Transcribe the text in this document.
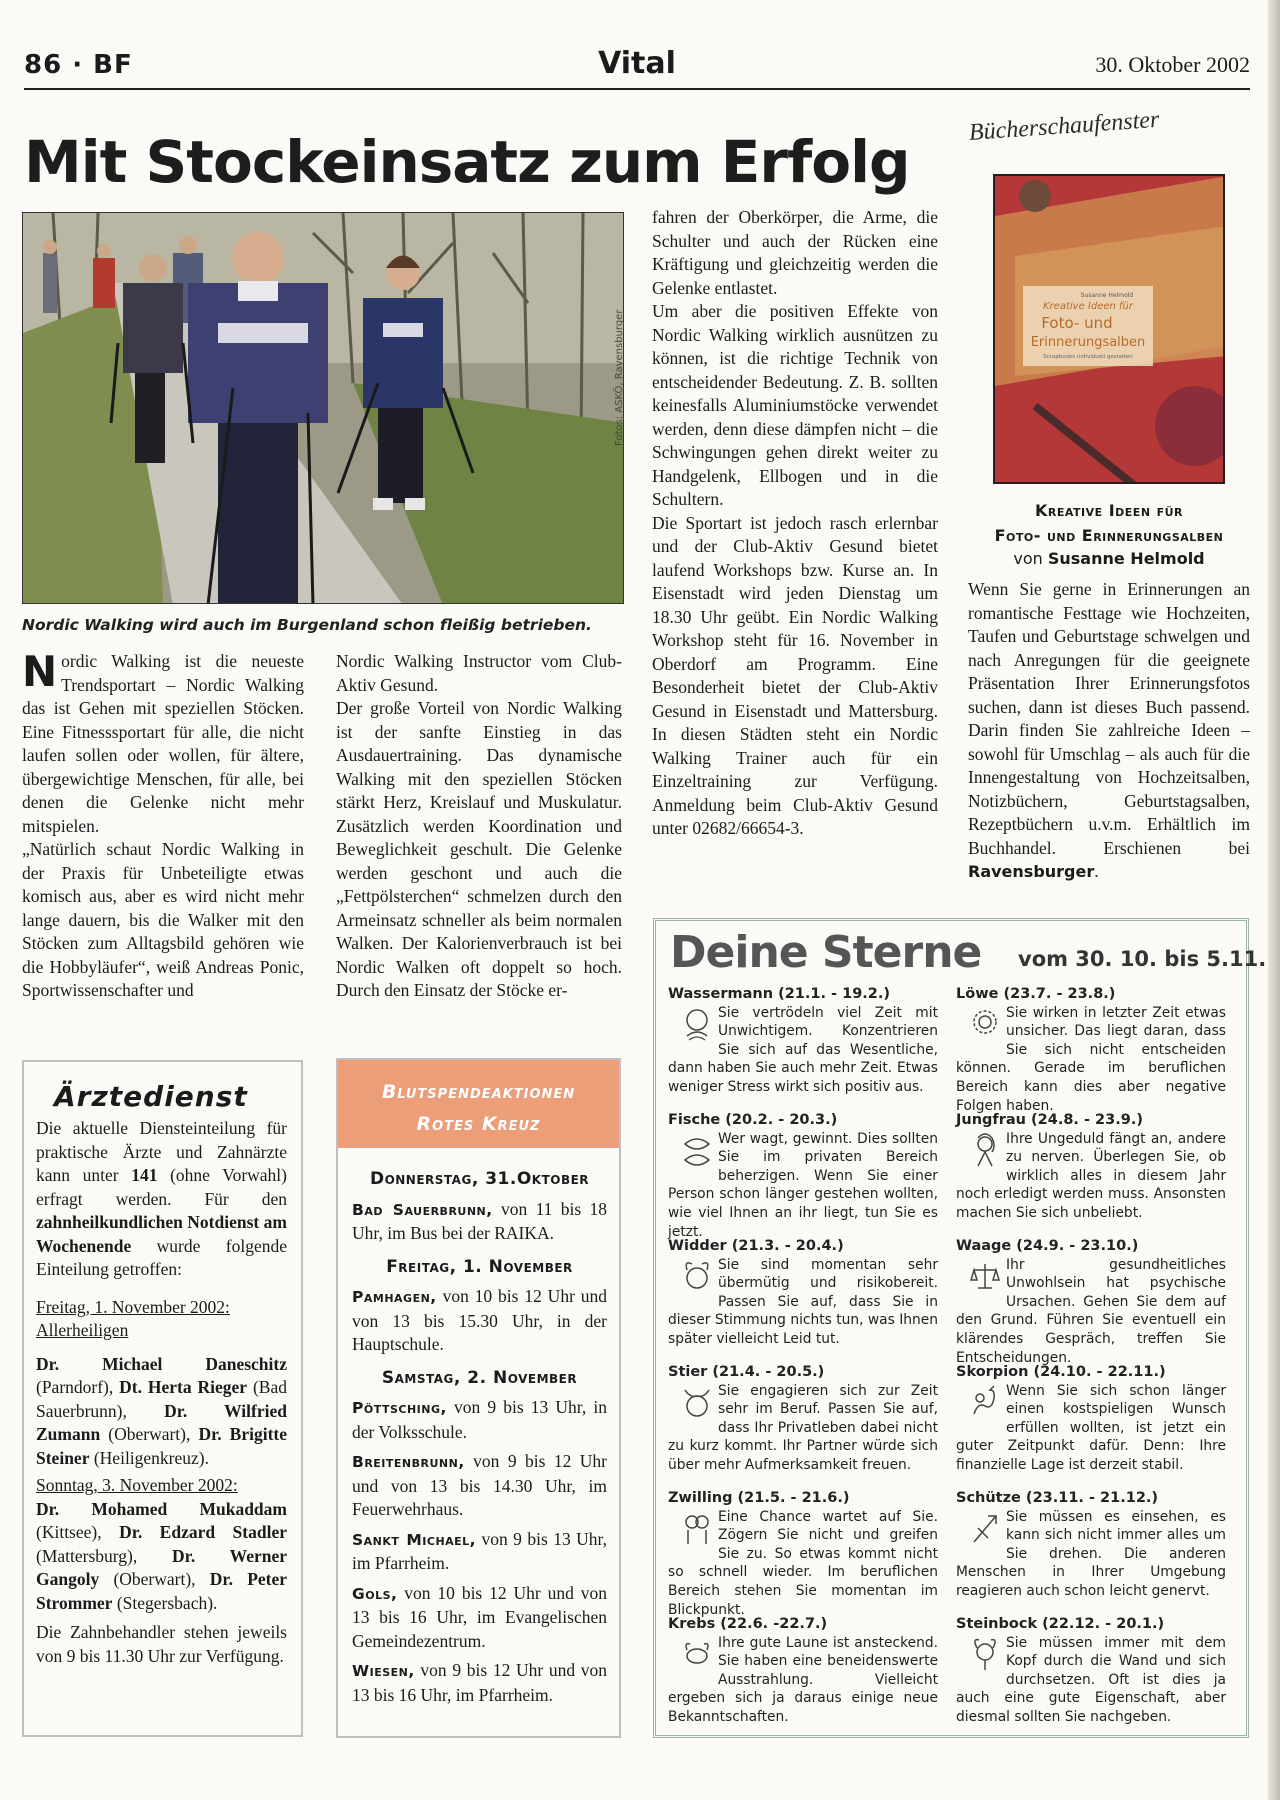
86 · BF	Vital	30. Oktober 2002
Mit Stockeinsatz zum Erfolg
Fotos: ASKÖ, Ravensburger
Nordic Walking wird auch im Burgenland schon fleißig betrieben.

Nordic Walking ist die neueste Trendsportart – Nordic Walking das ist Gehen mit speziellen Stöcken. Eine Fitnesssportart für alle, die nicht laufen sollen oder wollen, für ältere, übergewichtige Menschen, für alle, bei denen die Gelenke nicht mehr mitspielen.

„Natürlich schaut Nordic Walking in der Praxis für Unbeteiligte etwas komisch aus, aber es wird nicht mehr lange dauern, bis die Walker mit den Stöcken zum Alltagsbild gehören wie die Hobbyläufer“, weiß Andreas Ponic, Sportwissenschafter und

Nordic Walking Instructor vom Club-Aktiv Gesund.

Der große Vorteil von Nordic Walking ist der sanfte Einstieg in das Ausdauertraining. Das dynamische Walking mit den speziellen Stöcken stärkt Herz, Kreislauf und Muskulatur. Zusätzlich werden Koordination und Beweglichkeit geschult. Die Gelenke werden geschont und auch die „Fettpölsterchen“ schmelzen durch den Armeinsatz schneller als beim normalen Walken. Der Kalorienverbrauch ist bei Nordic Walken oft doppelt so hoch. Durch den Einsatz der Stöcke er-

fahren der Oberkörper, die Arme, die Schulter und auch der Rücken eine Kräftigung und gleichzeitig werden die Gelenke entlastet.

Um aber die positiven Effekte von Nordic Walking wirklich ausnützen zu können, ist die richtige Technik von entscheidender Bedeutung. Z. B. sollten keinesfalls Aluminiumstöcke verwendet werden, denn diese dämpfen nicht – die Schwingungen gehen direkt weiter zu Handgelenk, Ellbogen und in die Schultern.

Die Sportart ist jedoch rasch erlernbar und der Club-Aktiv Gesund bietet laufend Workshops bzw. Kurse an. In Eisenstadt wird jeden Dienstag um 18.30 Uhr geübt. Ein Nordic Walking Workshop steht für 16. November in Oberdorf am Programm. Eine Besonderheit bietet der Club-Aktiv Gesund in Eisenstadt und Mattersburg. In diesen Städten steht ein Nordic Walking Trainer auch für ein Einzeltraining zur Verfügung. Anmeldung beim Club-Aktiv Gesund unter 02682/66654-3.

Bücherschaufenster
Susanne Helmold
Kreative Ideen für
Foto- und
Erinnerungsalben
Scrapbooks individuell gestalten
Kreative Ideen für
Foto- und Erinnerungsalben
von Susanne Helmold
Wenn Sie gerne in Erinnerungen an romantische Festtage wie Hochzeiten, Taufen und Geburtstage schwelgen und nach Anregungen für die geeignete Präsentation Ihrer Erinnerungsfotos suchen, dann ist dieses Buch passend. Darin finden Sie zahlreiche Ideen – sowohl für Umschlag – als auch für die Innengestaltung von Hochzeitsalben, Notizbüchern, Geburtstagsalben, Rezeptbüchern u.v.m. Erhältlich im Buchhandel. Erschienen bei Ravensburger.
Ärztedienst

Die aktuelle Diensteinteilung für praktische Ärzte und Zahnärzte kann unter 141 (ohne Vorwahl) erfragt werden. Für den zahnheilkundlichen Notdienst am Wochenende wurde folgende Einteilung getroffen:

Freitag, 1. November 2002:
Allerheiligen

Dr. Michael Daneschitz (Parndorf), Dt. Herta Rieger (Bad Sauerbrunn), Dr. Wilfried Zumann (Oberwart), Dr. Brigitte Steiner (Heiligenkreuz).

Sonntag, 3. November 2002:

Dr. Mohamed Mukaddam (Kittsee), Dr. Edzard Stadler (Mattersburg), Dr. Werner Gangoly (Oberwart), Dr. Peter Strommer (Stegersbach).

Die Zahnbehandler stehen jeweils von 9 bis 11.30 Uhr zur Verfügung.

Blutspendeaktionen
Rotes Kreuz
Donnerstag, 31.Oktober

Bad Sauerbrunn, von 11 bis 18 Uhr, im Bus bei der RAIKA.

Freitag, 1. November

Pamhagen, von 10 bis 12 Uhr und von 13 bis 15.30 Uhr, in der Hauptschule.

Samstag, 2. November

Pöttsching, von 9 bis 13 Uhr, in der Volksschule.

Breitenbrunn, von 9 bis 12 Uhr und von 13 bis 14.30 Uhr, im Feuerwehrhaus.

Sankt Michael, von 9 bis 13 Uhr, im Pfarrheim.

Gols, von 10 bis 12 Uhr und von 13 bis 16 Uhr, im Evangelischen Gemeindezentrum.

Wiesen, von 9 bis 12 Uhr und von 13 bis 16 Uhr, im Pfarrheim.

Deine Sterne vom 30. 10. bis 5.11.
Wassermann (21.1. - 19.2.)
Sie vertrödeln viel Zeit mit Unwichtigem. Konzentrieren Sie sich auf das Wesentliche, dann haben Sie auch mehr Zeit. Etwas weniger Stress wirkt sich positiv aus.
Fische (20.2. - 20.3.)
Wer wagt, gewinnt. Dies sollten Sie im privaten Bereich beherzigen. Wenn Sie einer Person schon länger gestehen wollten, wie viel Ihnen an ihr liegt, tun Sie es jetzt.
Widder (21.3. - 20.4.)
Sie sind momentan sehr übermütig und risikobereit. Passen Sie auf, dass Sie in dieser Stimmung nichts tun, was Ihnen später vielleicht Leid tut.
Stier (21.4. - 20.5.)
Sie engagieren sich zur Zeit sehr im Beruf. Passen Sie auf, dass Ihr Privatleben dabei nicht zu kurz kommt. Ihr Partner würde sich über mehr Aufmerksamkeit freuen.
Zwilling (21.5. - 21.6.)
Eine Chance wartet auf Sie. Zögern Sie nicht und greifen Sie zu. So etwas kommt nicht so schnell wieder. Im beruflichen Bereich stehen Sie momentan im Blickpunkt.
Krebs (22.6. -22.7.)
Ihre gute Laune ist ansteckend. Sie haben eine beneidenswerte Ausstrahlung. Vielleicht ergeben sich ja daraus einige neue Bekanntschaften.
Löwe (23.7. - 23.8.)
Sie wirken in letzter Zeit etwas unsicher. Das liegt daran, dass Sie sich nicht entscheiden können. Gerade im beruflichen Bereich kann dies aber negative Folgen haben.
Jungfrau (24.8. - 23.9.)
Ihre Ungeduld fängt an, andere zu nerven. Überlegen Sie, ob wirklich alles in diesem Jahr noch erledigt werden muss. Ansonsten machen Sie sich unbeliebt.
Waage (24.9. - 23.10.)
Ihr gesundheitliches Unwohlsein hat psychische Ursachen. Gehen Sie dem auf den Grund. Führen Sie eventuell ein klärendes Gespräch, treffen Sie Entscheidungen.
Skorpion (24.10. - 22.11.)
Wenn Sie sich schon länger einen kostspieligen Wunsch erfüllen wollten, ist jetzt ein guter Zeitpunkt dafür. Denn: Ihre finanzielle Lage ist derzeit stabil.
Schütze (23.11. - 21.12.)
Sie müssen es einsehen, es kann sich nicht immer alles um Sie drehen. Die anderen Menschen in Ihrer Umgebung reagieren auch schon leicht genervt.
Steinbock (22.12. - 20.1.)
Sie müssen immer mit dem Kopf durch die Wand und sich durchsetzen. Oft ist dies ja auch eine gute Eigenschaft, aber diesmal sollten Sie nachgeben.
